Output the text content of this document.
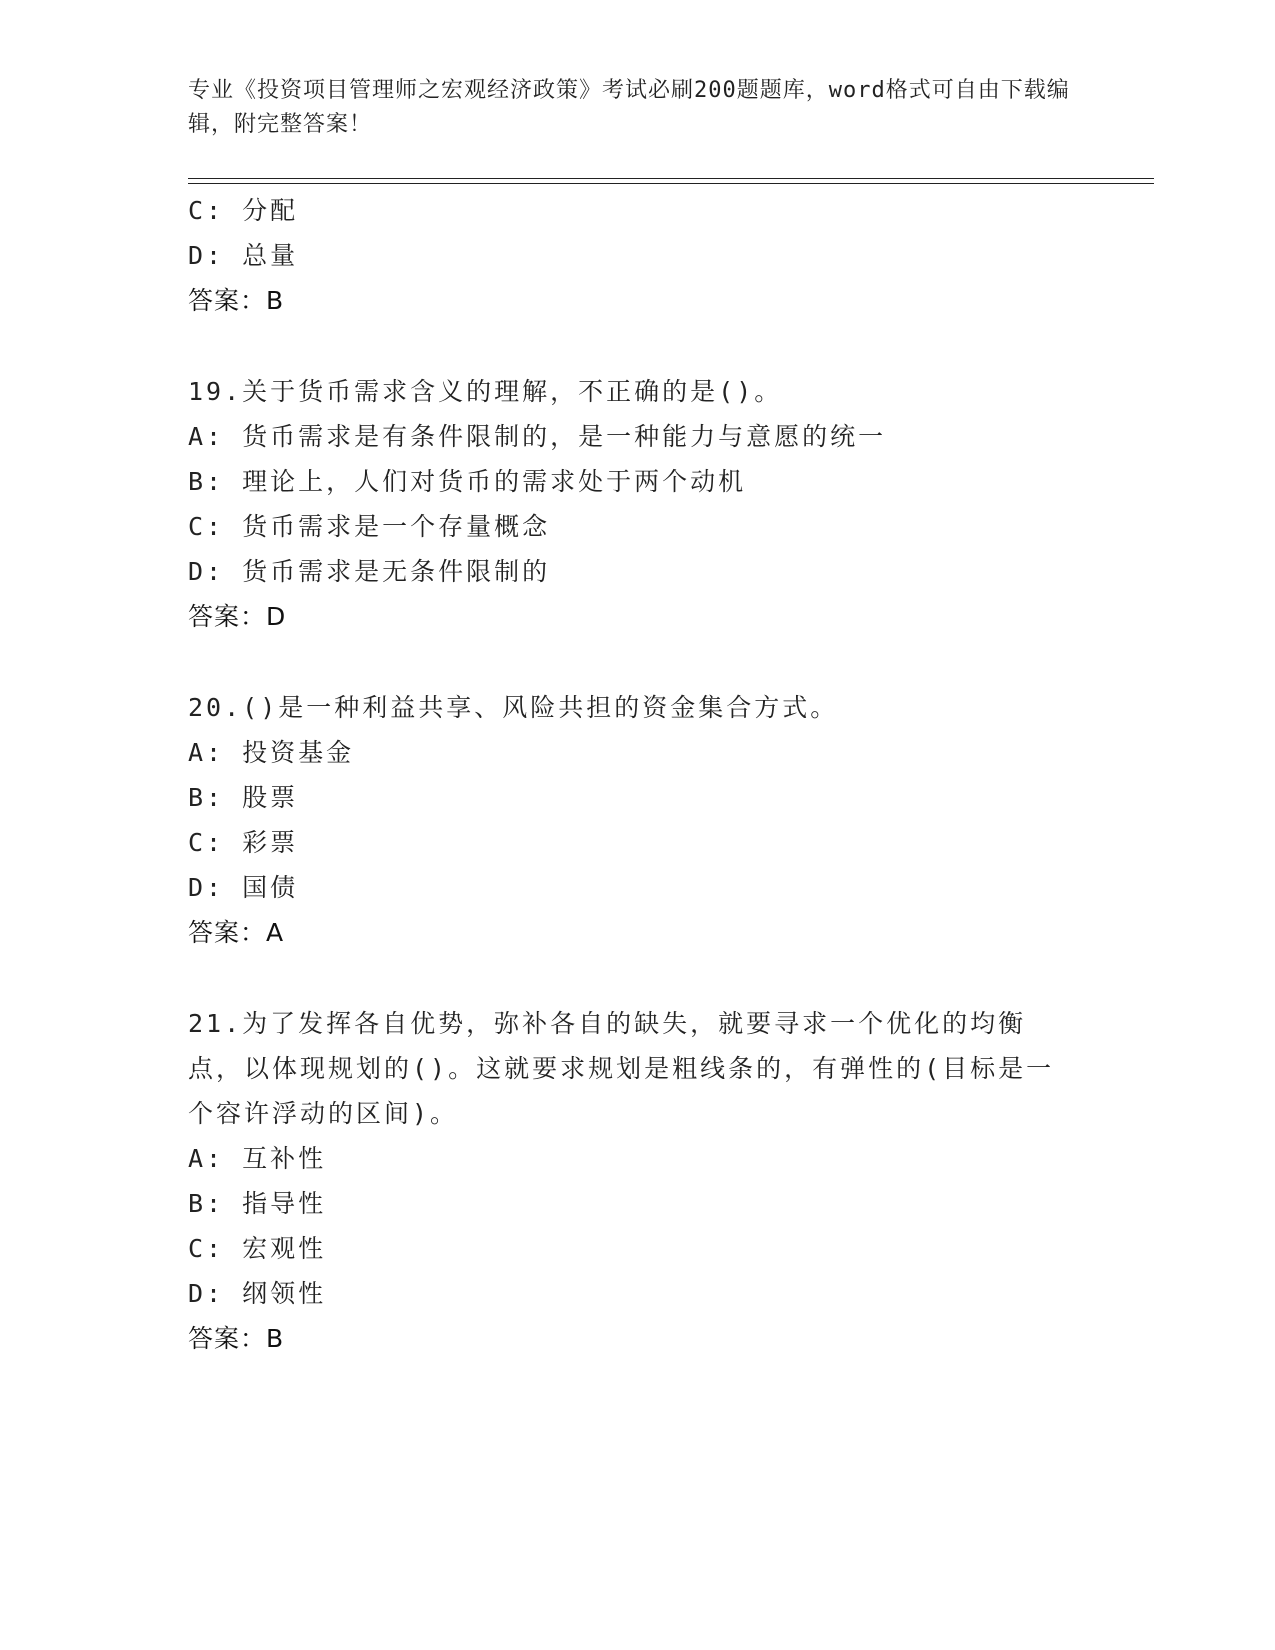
专业《投资项目管理师之宏观经济政策》考试必刷200题题库，word格式可自由下载编辑，附完整答案！
C: 分配
D: 总量
答案：B
19.关于货币需求含义的理解，不正确的是()。
A: 货币需求是有条件限制的，是一种能力与意愿的统一
B: 理论上，人们对货币的需求处于两个动机
C: 货币需求是一个存量概念
D: 货币需求是无条件限制的
答案：D
20.()是一种利益共享、风险共担的资金集合方式。
A: 投资基金
B: 股票
C: 彩票
D: 国债
答案：A
21.为了发挥各自优势，弥补各自的缺失，就要寻求一个优化的均衡点，以体现规划的()。这就要求规划是粗线条的，有弹性的(目标是一个容许浮动的区间)。
A: 互补性
B: 指导性
C: 宏观性
D: 纲领性
答案：B
